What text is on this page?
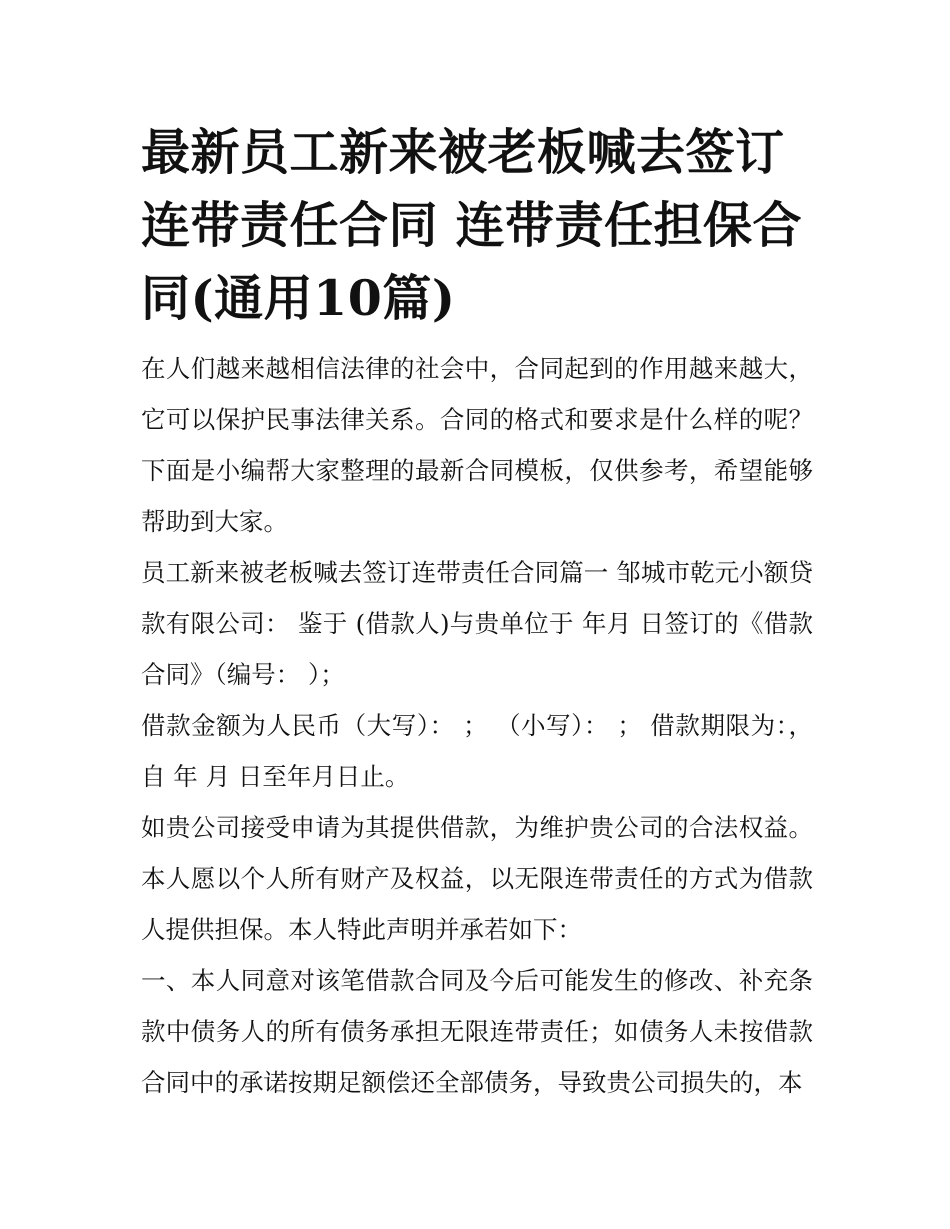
最新员工新来被老板喊去签订连带责任合同 连带责任担保合同(通用10篇)

在人们越来越相信法律的社会中，合同起到的作用越来越大，它可以保护民事法律关系。合同的格式和要求是什么样的呢？下面是小编帮大家整理的最新合同模板，仅供参考，希望能够帮助到大家。

员工新来被老板喊去签订连带责任合同篇一 邹城市乾元小额贷款有限公司： 鉴于 (借款人)与贵单位于 年月 日签订的《借款合同》（编号： ）；

借款金额为人民币（大写）： ； （小写）： ； 借款期限为：，自 年 月 日至年月日止。

如贵公司接受申请为其提供借款，为维护贵公司的合法权益。本人愿以个人所有财产及权益，以无限连带责任的方式为借款人提供担保。本人特此声明并承若如下：

一、本人同意对该笔借款合同及今后可能发生的修改、补充条款中债务人的所有债务承担无限连带责任；如债务人未按借款合同中的承诺按期足额偿还全部债务，导致贵公司损失的，本
